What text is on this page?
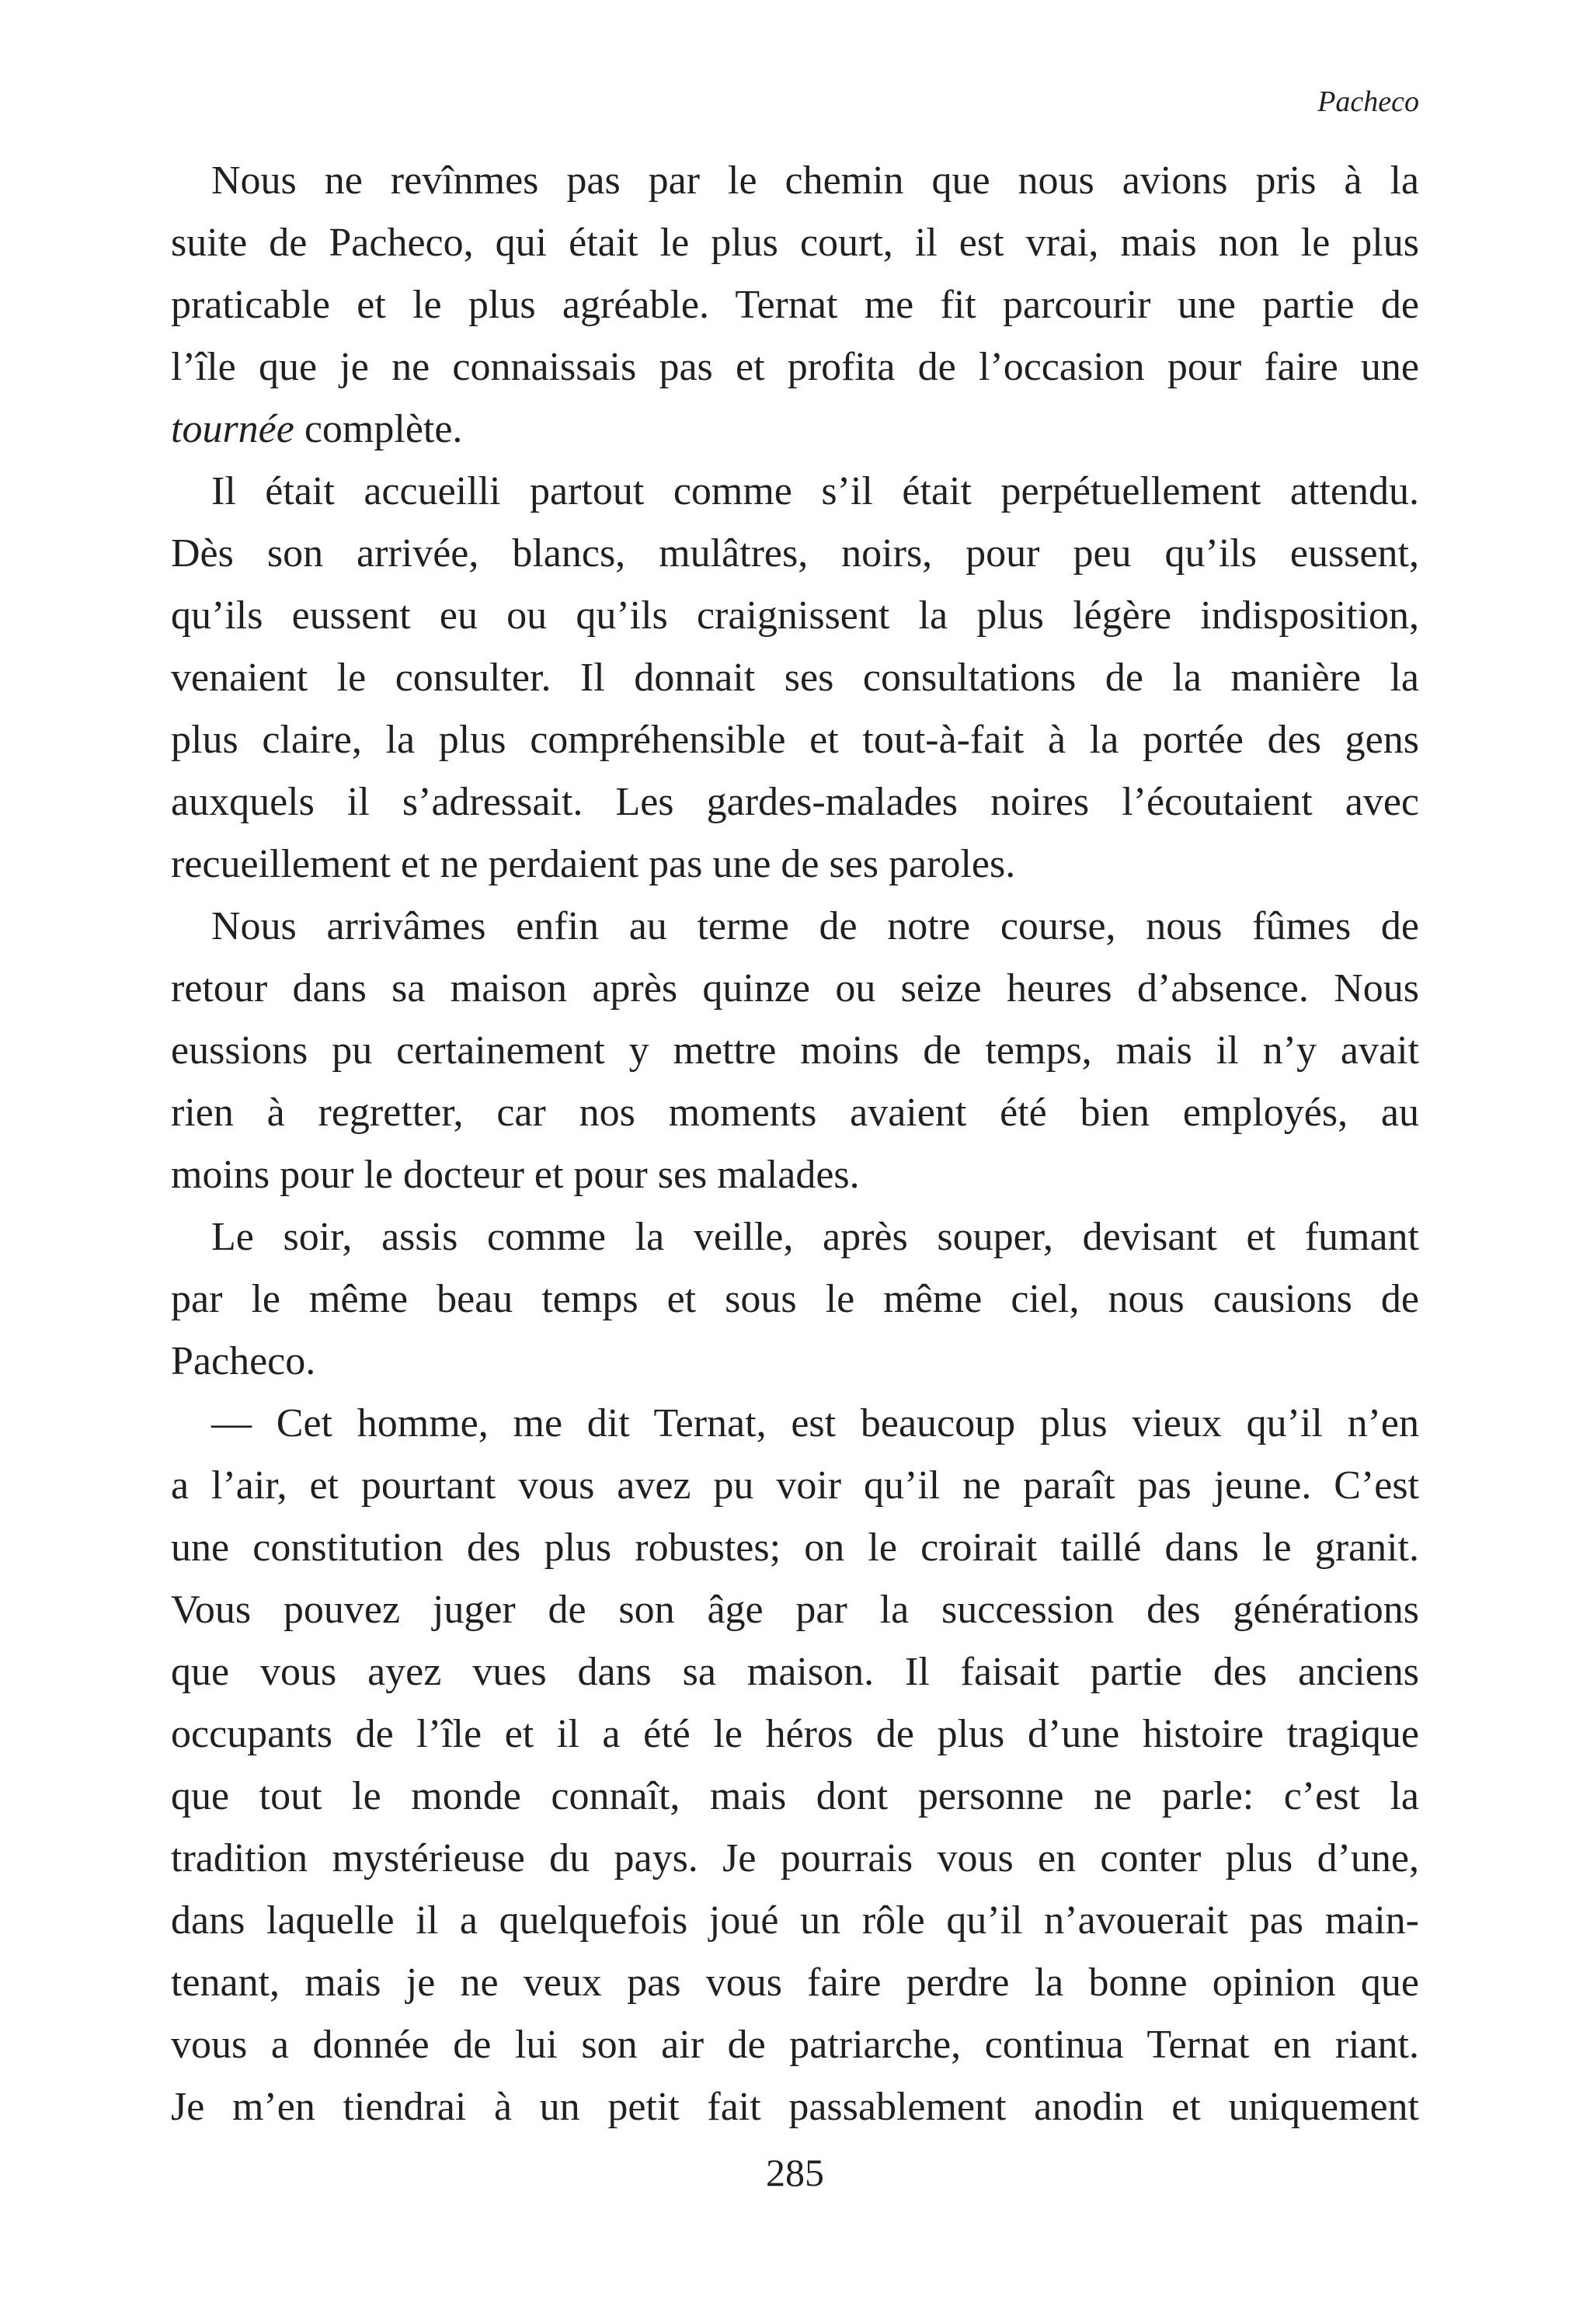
Pacheco
Nous ne revînmes pas par le chemin que nous avions pris à la
suite de Pacheco, qui était le plus court, il est vrai, mais non le plus
praticable et le plus agréable. Ternat me fit parcourir une partie de
l’île que je ne connaissais pas et profita de l’occasion pour faire une
tournée complète.
Il était accueilli partout comme s’il était perpétuellement attendu.
Dès son arrivée, blancs, mulâtres, noirs, pour peu qu’ils eussent,
qu’ils eussent eu ou qu’ils craignissent la plus légère indisposition,
venaient le consulter. Il donnait ses consultations de la manière la
plus claire, la plus compréhensible et tout-à-fait à la portée des gens
auxquels il s’adressait. Les gardes-malades noires l’écoutaient avec
recueillement et ne perdaient pas une de ses paroles.
Nous arrivâmes enfin au terme de notre course, nous fûmes de
retour dans sa maison après quinze ou seize heures d’absence. Nous
eussions pu certainement y mettre moins de temps, mais il n’y avait
rien à regretter, car nos moments avaient été bien employés, au
moins pour le docteur et pour ses malades.
Le soir, assis comme la veille, après souper, devisant et fumant
par le même beau temps et sous le même ciel, nous causions de
Pacheco.
— Cet homme, me dit Ternat, est beaucoup plus vieux qu’il n’en
a l’air, et pourtant vous avez pu voir qu’il ne paraît pas jeune. C’est
une constitution des plus robustes; on le croirait taillé dans le granit.
Vous pouvez juger de son âge par la succession des générations
que vous ayez vues dans sa maison. Il faisait partie des anciens
occupants de l’île et il a été le héros de plus d’une histoire tragique
que tout le monde connaît, mais dont personne ne parle: c’est la
tradition mystérieuse du pays. Je pourrais vous en conter plus d’une,
dans laquelle il a quelquefois joué un rôle qu’il n’avouerait pas main-
tenant, mais je ne veux pas vous faire perdre la bonne opinion que
vous a donnée de lui son air de patriarche, continua Ternat en riant.
Je m’en tiendrai à un petit fait passablement anodin et uniquement
285
